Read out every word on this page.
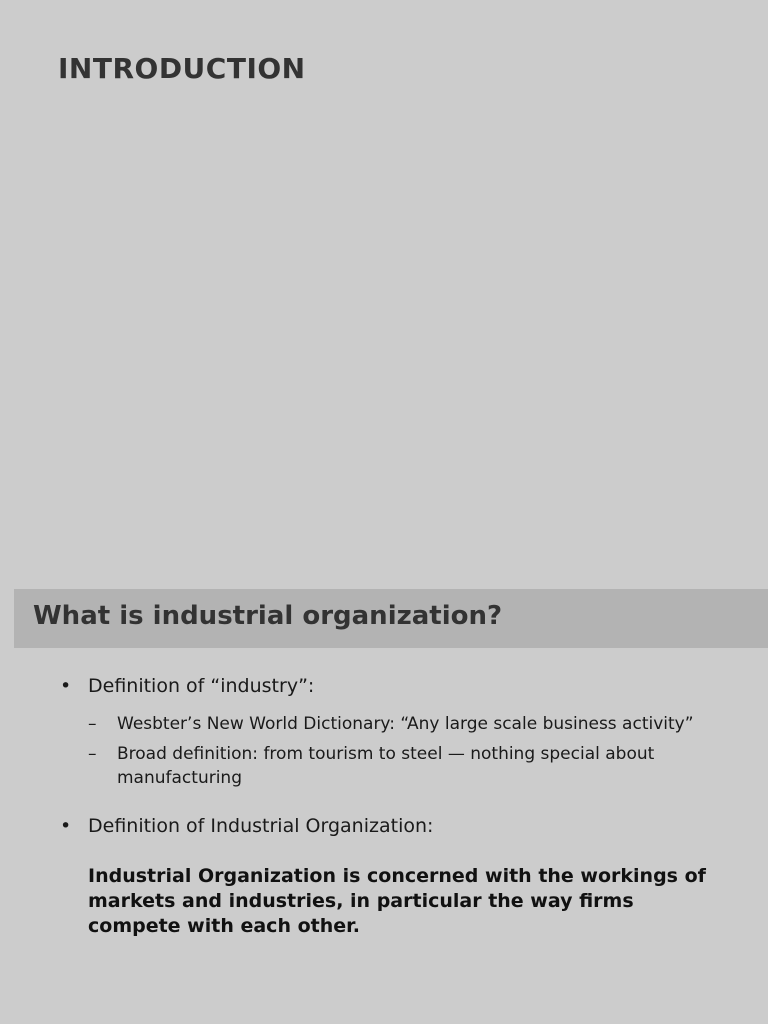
INTRODUCTION
What is industrial organization?
• Definition of “industry”:
– Wesbter’s New World Dictionary: “Any large scale business activity”
– Broad definition: from tourism to steel — nothing special about manufacturing
• Definition of Industrial Organization:

Industrial Organization is concerned with the workings of markets and industries, in particular the way firms compete with each other.
